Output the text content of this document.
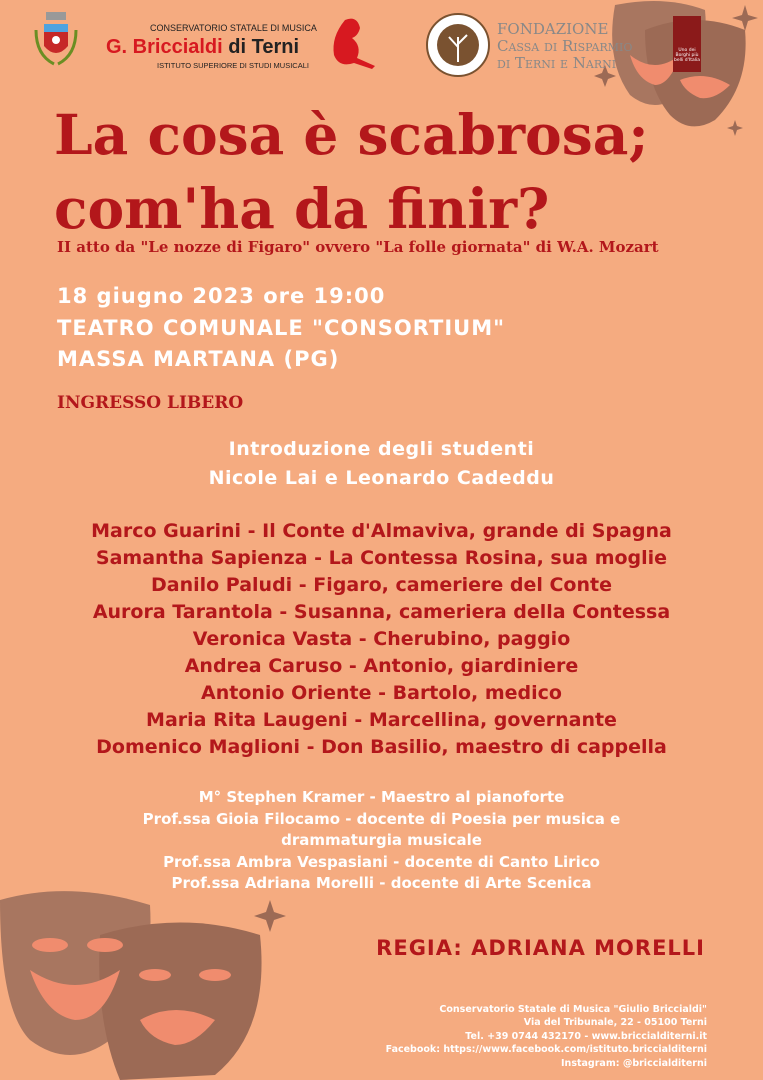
CONSERVATORIO STATALE DI MUSICA
G. Briccialdi di Terni
ISTITUTO SUPERIORE DI STUDI MUSICALI
FONDAZIONE
Cassa di Risparmio
di Terni e Narni
Uno dei Borghi più belli d'Italia
La cosa è scabrosa;
com'ha da finir?
II atto da "Le nozze di Figaro" ovvero "La folle giornata" di W.A. Mozart
18 giugno 2023 ore 19:00
TEATRO COMUNALE "CONSORTIUM"
MASSA MARTANA (PG)
INGRESSO LIBERO
Introduzione degli studenti
Nicole Lai e Leonardo Cadeddu
Marco Guarini - Il Conte d'Almaviva, grande di Spagna
Samantha Sapienza - La Contessa Rosina, sua moglie
Danilo Paludi - Figaro, cameriere del Conte
Aurora Tarantola - Susanna, cameriera della Contessa
Veronica Vasta - Cherubino, paggio
Andrea Caruso - Antonio, giardiniere
Antonio Oriente - Bartolo, medico
Maria Rita Laugeni - Marcellina, governante
Domenico Maglioni - Don Basilio, maestro di cappella
M° Stephen Kramer - Maestro al pianoforte
Prof.ssa Gioia Filocamo - docente di Poesia per musica e
drammaturgia musicale
Prof.ssa Ambra Vespasiani - docente di Canto Lirico
Prof.ssa Adriana Morelli - docente di Arte Scenica
REGIA: ADRIANA MORELLI
Conservatorio Statale di Musica "Giulio Briccialdi"
Via del Tribunale, 22 - 05100 Terni
Tel. +39 0744 432170 - www.briccialditerni.it
Facebook: https://www.facebook.com/istituto.briccialditerni
Instagram: @briccialditerni
